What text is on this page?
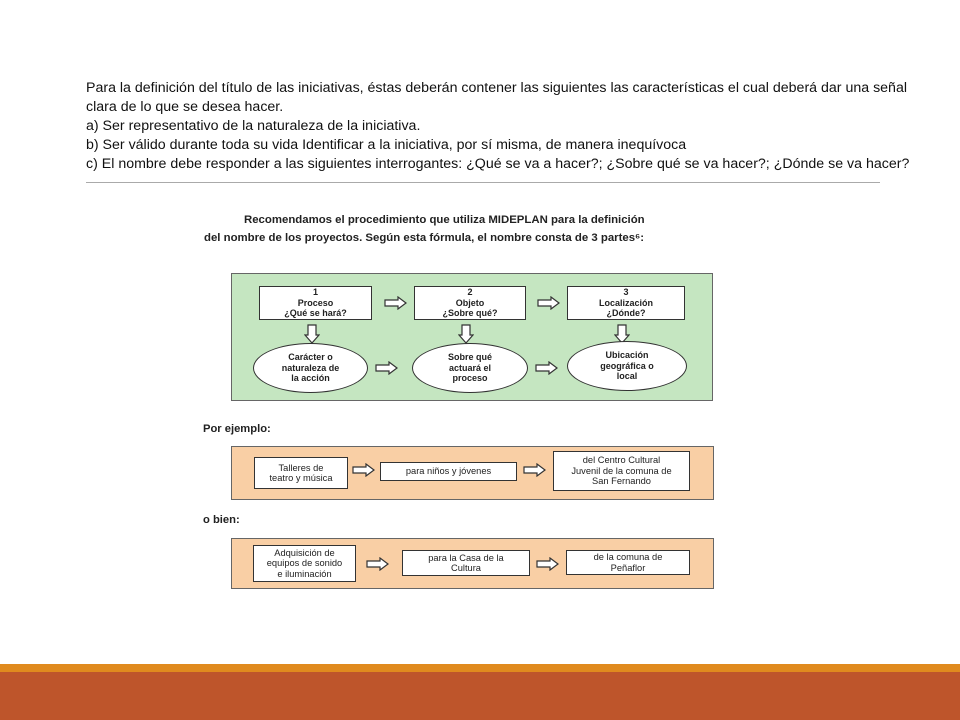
Para la definición del título de las iniciativas, éstas deberán contener las siguientes las características el cual deberá dar una señal clara de lo que se desea hacer.

a) Ser representativo de la naturaleza de la iniciativa.

b) Ser válido durante toda su vida Identificar a la iniciativa, por sí misma, de manera inequívoca

c) El nombre debe responder a las siguientes interrogantes: ¿Qué se va a hacer?; ¿Sobre qué se va hacer?; ¿Dónde se va hacer?

Recomendamos el procedimiento que utiliza MIDEPLAN para la definición
del nombre de los proyectos. Según esta fórmula, el nombre consta de 3 partes⁶:
1
Proceso
¿Qué se hará?
2
Objeto
¿Sobre qué?
3
Localización
¿Dónde?
Carácter o
naturaleza de
la acción
Sobre qué
actuará el
proceso
Ubicación
geográfica o
local
Por ejemplo:
Talleres de
teatro y música
para niños y jóvenes
del Centro Cultural
Juvenil de la comuna de
San Fernando
o bien:
Adquisición de
equipos de sonido
e iluminación
para la Casa de la
Cultura
de la comuna de
Peñaflor
